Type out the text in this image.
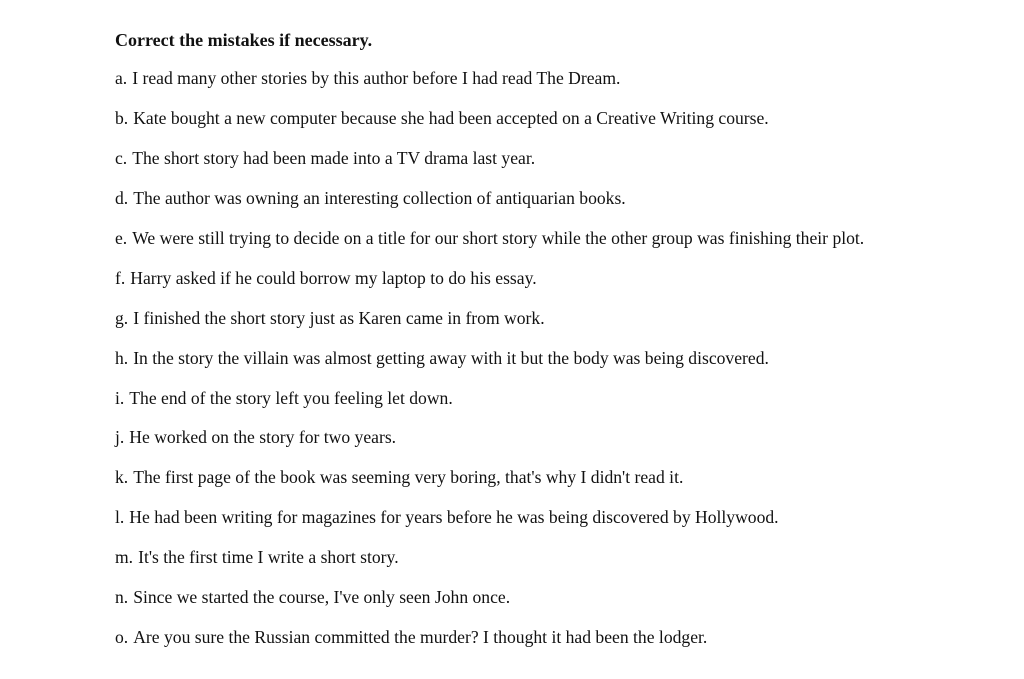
Correct the mistakes if necessary.
a. I read many other stories by this author before I had read The Dream.
b. Kate bought a new computer because she had been accepted on a Creative Writing course.
c. The short story had been made into a TV drama last year.
d. The author was owning an interesting collection of antiquarian books.
e. We were still trying to decide on a title for our short story while the other group was finishing their plot.
f. Harry asked if he could borrow my laptop to do his essay.
g. I finished the short story just as Karen came in from work.
h. In the story the villain was almost getting away with it but the body was being discovered.
i. The end of the story left you feeling let down.
j. He worked on the story for two years.
k. The first page of the book was seeming very boring, that's why I didn't read it.
l. He had been writing for magazines for years before he was being discovered by Hollywood.
m. It's the first time I write a short story.
n. Since we started the course, I've only seen John once.
o. Are you sure the Russian committed the murder? I thought it had been the lodger.
